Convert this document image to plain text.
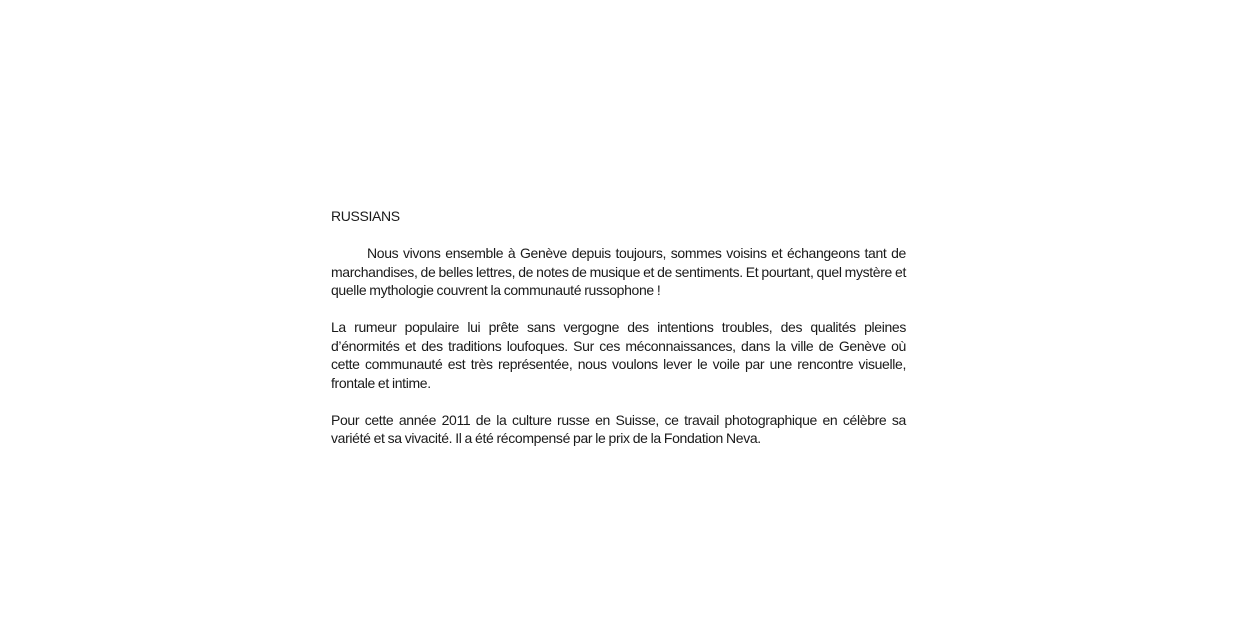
RUSSIANS

Nous vivons ensemble à Genève depuis toujours, sommes voisins et échangeons tant de marchandises, de belles lettres, de notes de musique et de sentiments. Et pourtant, quel mystère et quelle mythologie couvrent la communauté russophone !

La rumeur populaire lui prête sans vergogne des intentions troubles, des qualités pleines d’énormités et des traditions loufoques. Sur ces méconnaissances, dans la ville de Genève où cette communauté est très représentée, nous voulons lever le voile par une rencontre visuelle, frontale et intime.

Pour cette année 2011 de la culture russe en Suisse, ce travail photographique en célèbre sa variété et sa vivacité. Il a été récompensé par le prix de la Fondation Neva.
